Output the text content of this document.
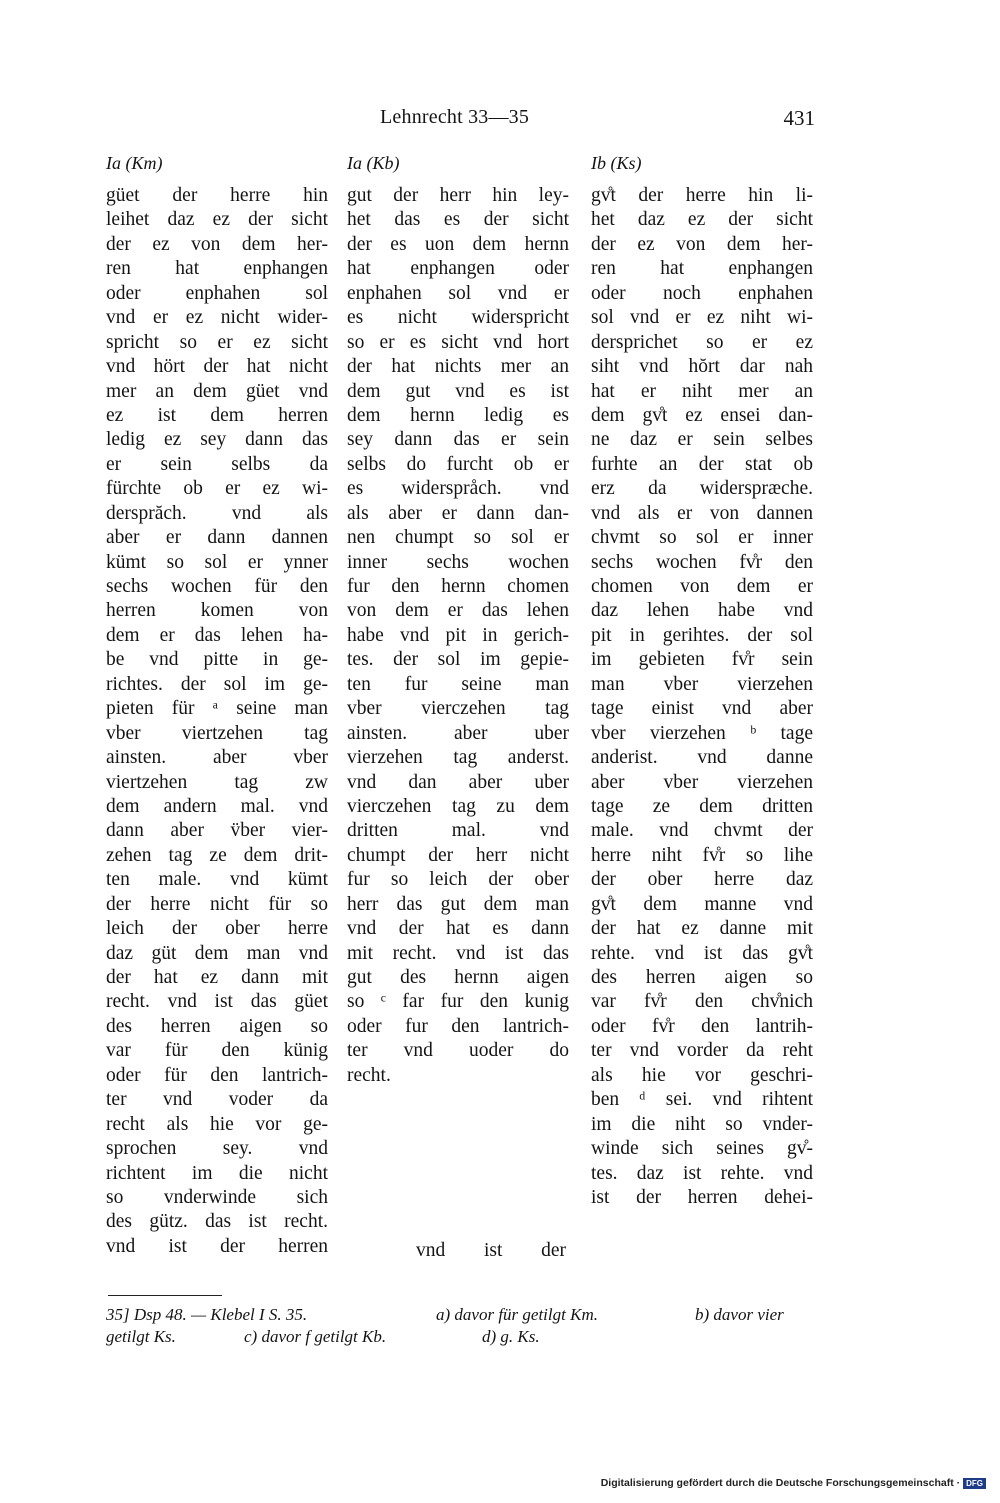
Lehnrecht 33—35	431
Ia (Km)
güet der herre hin
leihet daz ez der sicht
der ez von dem her-
ren hat enphangen
oder enphahen sol
vnd er ez nicht wider-
spricht so er ez sicht
vnd hört der hat nicht
mer an dem güet vnd
ez ist dem herren
ledig ez sey dann das
er sein selbs da
fürchte ob er ez wi-
dersprăch. vnd als
aber er dann dannen
kümt so sol er ynner
sechs wochen für den
herren komen von
dem er das lehen ha-
be vnd pitte in ge-
richtes. der sol im ge-
pieten für ᵃ seine man
vber viertzehen tag
ainsten. aber vber
viertzehen tag zw
dem andern mal. vnd
dann aber v̈ber vier-
zehen tag ze dem drit-
ten male. vnd kümt
der herre nicht für so
leich der ober herre
daz güt dem man vnd
der hat ez dann mit
recht. vnd ist das güet
des herren aigen so
var für den künig
oder für den lantrich-
ter vnd voder da
recht als hie vor ge-
sprochen sey. vnd
richtent im die nicht
so vnderwinde sich
des gütz. das ist recht.
vnd ist der herren
Ia (Kb)
gut der herr hin ley-
het das es der sicht
der es uon dem hernn
hat enphangen oder
enphahen sol vnd er
es nicht widerspricht
so er es sicht vnd hort
der hat nichts mer an
dem gut vnd es ist
dem hernn ledig es
sey dann das er sein
selbs do furcht ob er
es widerspråch. vnd
als aber er dann dan-
nen chumpt so sol er
inner sechs wochen
fur den hernn chomen
von dem er das lehen
habe vnd pit in gerich-
tes. der sol im gepie-
ten fur seine man
vber vierczehen tag
ainsten. aber uber
vierzehen tag anderst.
vnd dan aber uber
vierczehen tag zu dem
dritten mal. vnd
chumpt der herr nicht
fur so leich der ober
herr das gut dem man
vnd der hat es dann
mit recht. vnd ist das
gut des hernn aigen
so ᶜ far fur den kunig
oder fur den lantrich-
ter vnd uoder do
recht.
Ib (Ks)
gv̊t der herre hin li-
het daz ez der sicht
der ez von dem her-
ren hat enphangen
oder noch enphahen
sol vnd er ez niht wi-
dersprichet so er ez
siht vnd hŏrt dar nah
hat er niht mer an
dem gv̊t ez ensei dan-
ne daz er sein selbes
furhte an der stat ob
erz da widersprӕche.
vnd als er von dannen
chvmt so sol er inner
sechs wochen fv̊r den
chomen von dem er
daz lehen habe vnd
pit in gerihtes. der sol
im gebieten fv̊r sein
man vber vierzehen
tage einist vnd aber
vber vierzehen ᵇ tage
anderist. vnd danne
aber vber vierzehen
tage ze dem dritten
male. vnd chvmt der
herre niht fv̊r so lihe
der ober herre daz
gv̊t dem manne vnd
der hat ez danne mit
rehte. vnd ist das gv̊t
des herren aigen so
var fv̊r den chv̊nich
oder fv̊r den lantrih-
ter vnd vorder da reht
als hie vor geschri-
ben ᵈ sei. vnd rihtent
im die niht so vnder-
winde sich seines gv̊-
tes. daz ist rehte. vnd
ist der herren dehei-
vnd ist der
35] Dsp 48. — Klebel I S. 35.	a) davor für getilgt Km.	b) davor vier
getilgt Ks.	c) davor f getilgt Kb.	d) g. Ks.
Digitalisierung gefördert durch die Deutsche Forschungsgemeinschaft · DFG
